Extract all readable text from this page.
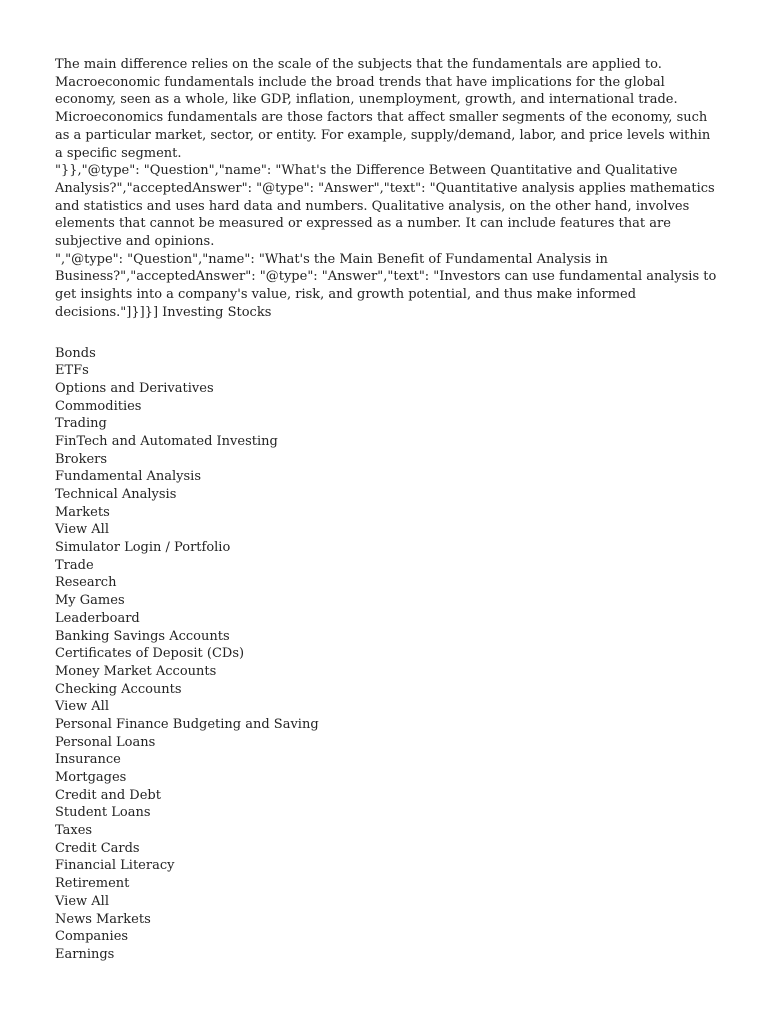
The main difference relies on the scale of the subjects that the fundamentals are applied to.
Macroeconomic fundamentals include the broad trends that have implications for the global
economy, seen as a whole, like GDP, inflation, unemployment, growth, and international trade.
Microeconomics fundamentals are those factors that affect smaller segments of the economy, such
as a particular market, sector, or entity. For example, supply/demand, labor, and price levels within
a specific segment.
"}},"@type": "Question","name": "What's the Difference Between Quantitative and Qualitative
Analysis?","acceptedAnswer": "@type": "Answer","text": "Quantitative analysis applies mathematics
and statistics and uses hard data and numbers. Qualitative analysis, on the other hand, involves
elements that cannot be measured or expressed as a number. It can include features that are
subjective and opinions.
","@type": "Question","name": "What's the Main Benefit of Fundamental Analysis in
Business?","acceptedAnswer": "@type": "Answer","text": "Investors can use fundamental analysis to
get insights into a company's value, risk, and growth potential, and thus make informed
decisions."]}]}] Investing Stocks

Bonds
ETFs
Options and Derivatives
Commodities
Trading
FinTech and Automated Investing
Brokers
Fundamental Analysis
Technical Analysis
Markets
View All
Simulator Login / Portfolio
Trade
Research
My Games
Leaderboard
Banking Savings Accounts
Certificates of Deposit (CDs)
Money Market Accounts
Checking Accounts
View All
Personal Finance Budgeting and Saving
Personal Loans
Insurance
Mortgages
Credit and Debt
Student Loans
Taxes
Credit Cards
Financial Literacy
Retirement
View All
News Markets
Companies
Earnings
